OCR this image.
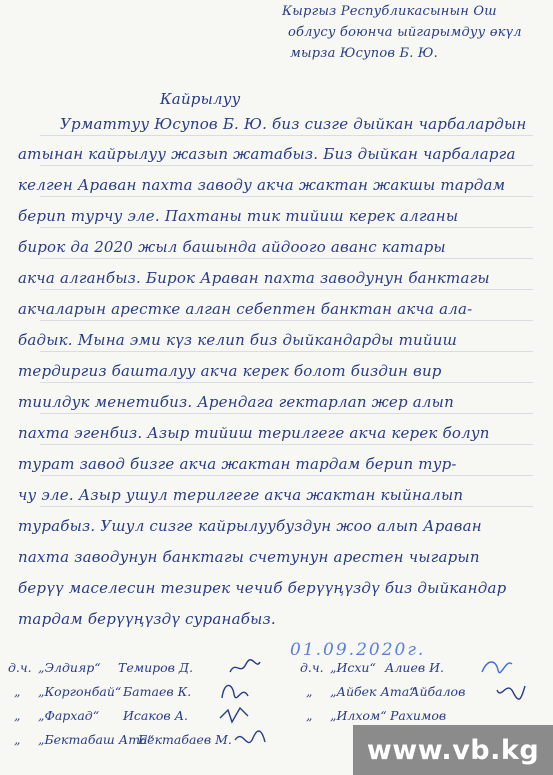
Кыргыз Республикасынын Ош
облусу боюнча ыйгарымдуу өкүл
мырза Юсупов Б. Ю.
Кайрылуу
Урматтуу Юсупов Б. Ю. биз сизге дыйкан чарбалардын
атынан кайрылуу жазып жатабыз. Биз дыйкан чарбаларга
келген Араван пахта заводу акча жактан жакшы тардам
берип турчу эле. Пахтаны тик тийиш керек алганы
бирок да 2020 жыл башында айдоого аванс катары
акча алганбыз. Бирок Араван пахта заводунун банктагы
акчаларын арестке алган себептен банктан акча ала-
бадык. Мына эми күз келип биз дыйкандарды тийиш
тердиргиз башталуу акча керек болот биздин вир
тиилдук менетибиз. Арендага гектарлап жер алып
пахта эгенбиз. Азыр тийиш терилгеге акча керек болуп
турат завод бизге акча жактан тардам берип тур-
чу эле. Азыр ушул терилгеге акча жактан кыйналып
турабыз. Ушул сизге кайрылуубуздун жоо алып Араван
пахта заводунун банктагы счетунун арестен чыгарып
берүү маселесин тезирек чечиб берүүңүздү биз дыйкандар
тардам берүүңүздү суранабыз.
01.09.2020г.
д.ч. „Элдияр“ Темиров Д.
„ „Коргонбай“ Батаев К.
„ „Фархад“ Исаков А.
„ „Бектабаш Ата“
Бектабаев М.
д.ч. „Исхи“ Алиев И.
„ „Айбек Ата“
Айбалов
„ „Илхом“ Рахимов
www.vb.kg
